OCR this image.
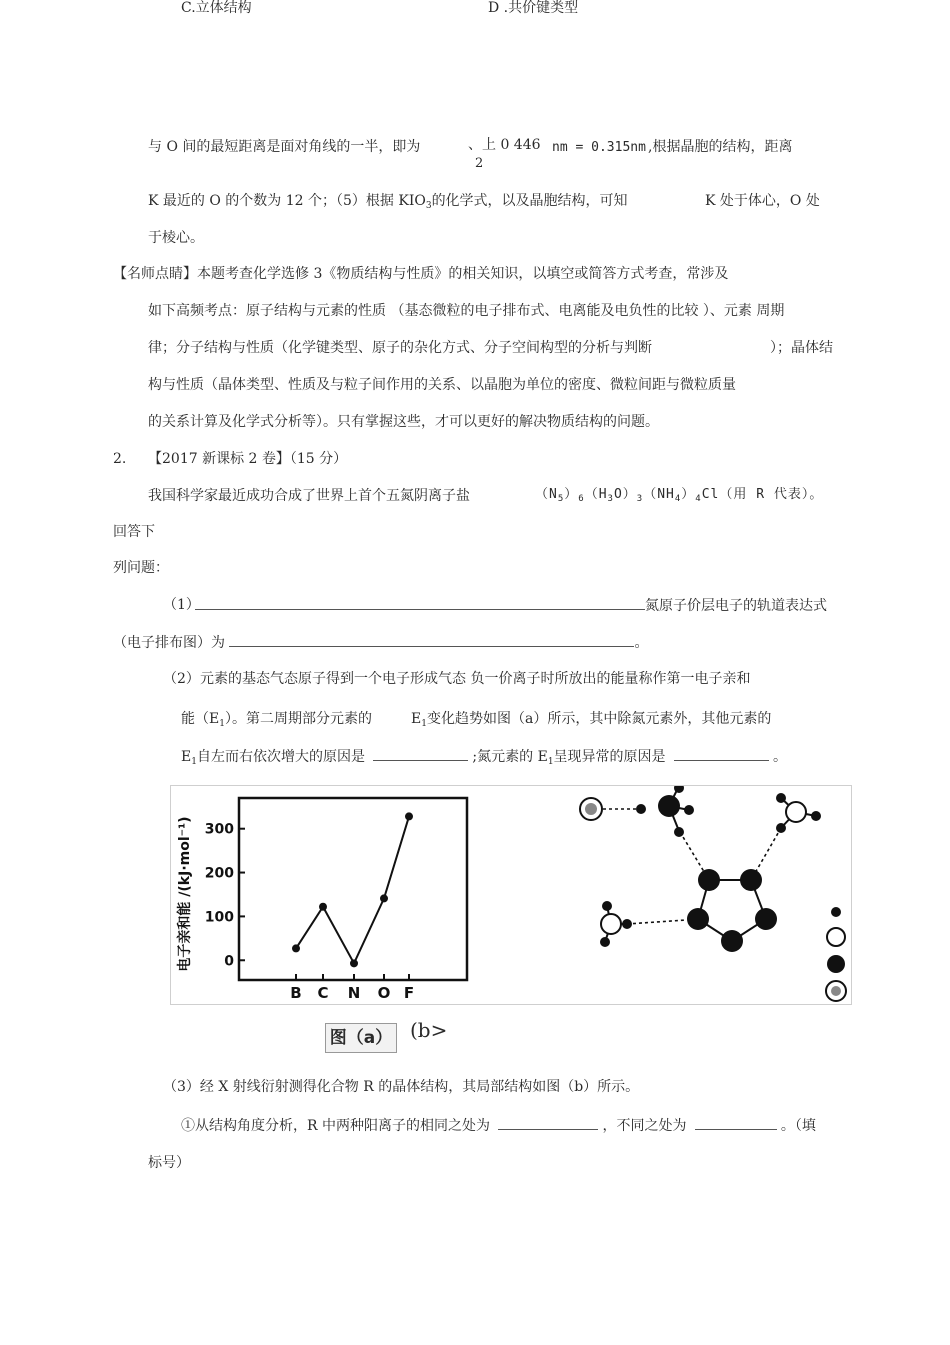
C.立体结构	D .共价键类型
与 O 间的最短距离是面对角线的一半，即为	、上 0 446 nm = 0.315nm ,根据晶胞的结构，距离
2
K 最近的 O 的个数为 12 个；（5）根据 $KIO_3$的化学式，以及晶胞结构，可知	K 处于体心，O 处
于棱心。
【名师点睛】本题考查化学选修 3《物质结构与性质》的相关知识，以填空或简答方式考查，常涉及
如下高频考点：原子结构与元素的性质 （基态微粒的电子排布式、电离能及电负性的比较 ）、元素 周期
律；分子结构与性质（化学键类型、原子的杂化方式、分子空间构型的分析与判断	）；晶体结
构与性质（晶体类型、性质及与粒子间作用的关系、以晶胞为单位的密度、微粒间距与微粒质量
的关系计算及化学式分析等）。只有掌握这些，才可以更好的解决物质结构的问题。
2. 【2017 新课标 2 卷】（15 分）
我国科学家最近成功合成了世界上首个五氮阴离子盐	$(N_5)_6(H_3O)_3(NH_4)_4Cl$（用 R 代表）。
回答下
列问题：
（1）	氮原子价层电子的轨道表达式
（电子排布图）为	。
（2） 元素的基态气态原子得到一个电子形成气态 负一价离子时所放出的能量称作第一电子亲和
能$(E_1)$。第二周期部分元素的	$E_1$变化趋势如图（a）所示，其中除氮元素外，其他元素的
$E_1$自左而右依次增大的原因是	;氮元素的 $E_1$呈现异常的原因是	。
电子亲和能 /(kJ·mol⁻¹) 0
100
200
300
B C N O F
图（a） (b>
（3）经 X 射线衍射测得化合物 R 的晶体结构，其局部结构如图（b）所示。
①从结构角度分析，R 中两种阳离子的相同之处为	，不同之处为	。（填
标号）
